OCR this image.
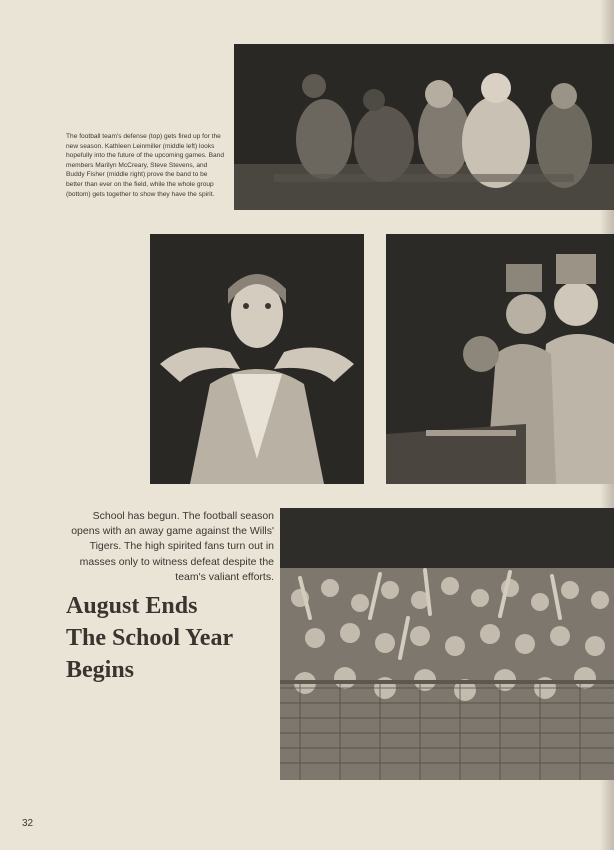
The football team's defense (top) gets fired up for the new season. Kathleen Leinmiller (middle left) looks hopefully into the future of the upcoming games. Band members Marilyn McCreary, Steve Stevens, and Buddy Fisher (middle right) prove the band to be better than ever on the field, while the whole group (bottom) gets together to show they have the spirit.
School has begun. The football season opens with an away game against the Wills' Tigers. The high spirited fans turn out in masses only to witness defeat despite the team's valiant efforts.
August Ends
The School Year
Begins
32
